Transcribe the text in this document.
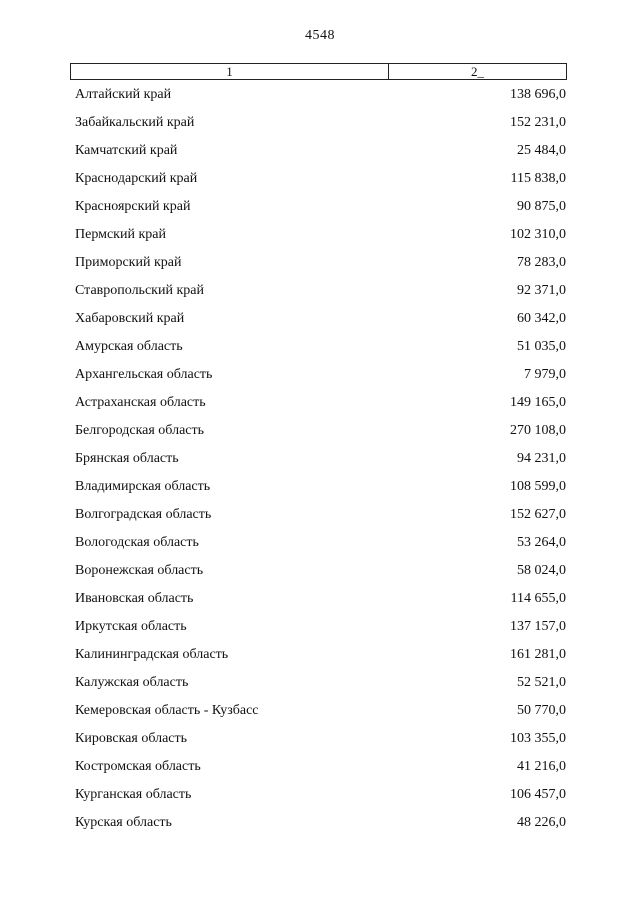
4548
1	2_
Алтайский край	138 696,0
Забайкальский край	152 231,0
Камчатский край	25 484,0
Краснодарский край	115 838,0
Красноярский край	90 875,0
Пермский край	102 310,0
Приморский край	78 283,0
Ставропольский край	92 371,0
Хабаровский край	60 342,0
Амурская область	51 035,0
Архангельская область	7 979,0
Астраханская область	149 165,0
Белгородская область	270 108,0
Брянская область	94 231,0
Владимирская область	108 599,0
Волгоградская область	152 627,0
Вологодская область	53 264,0
Воронежская область	58 024,0
Ивановская область	114 655,0
Иркутская область	137 157,0
Калининградская область	161 281,0
Калужская область	52 521,0
Кемеровская область - Кузбасс	50 770,0
Кировская область	103 355,0
Костромская область	41 216,0
Курганская область	106 457,0
Курская область	48 226,0
